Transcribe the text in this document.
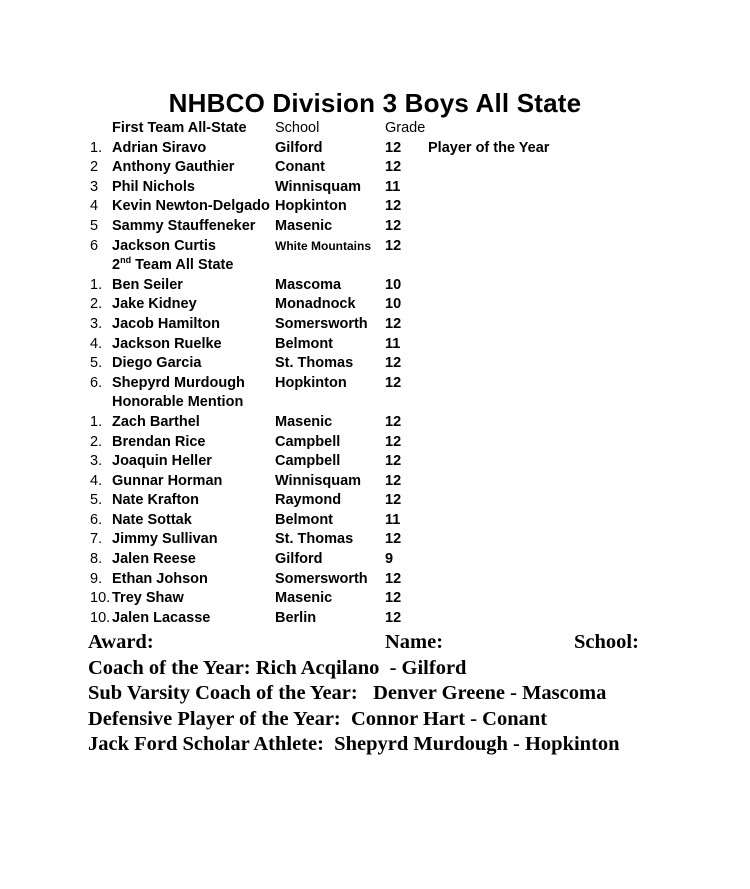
NHBCO Division 3 Boys All State
First Team All-State School	Grade
1. Adrian Siravo	Gilford	12 Player of the Year
2 Anthony Gauthier	Conant	12
3 Phil Nichols	Winnisquam 11
4 Kevin Newton-Delgado Hopkinton	12
5 Sammy Stauffeneker Masenic	12
6 Jackson Curtis	White Mountains 12
2nd Team All State
1. Ben Seiler	Mascoma	10
2. Jake Kidney	Monadnock 10
3. Jacob Hamilton	Somersworth 12
4. Jackson Ruelke	Belmont	11
5. Diego Garcia	St. Thomas 12
6. Shepyrd Murdough Hopkinton	12
Honorable Mention
1. Zach Barthel	Masenic	12
2. Brendan Rice	Campbell	12
3. Joaquin Heller	Campbell	12
4. Gunnar Horman	Winnisquam 12
5. Nate Krafton	Raymond	12
6. Nate Sottak	Belmont	11
7. Jimmy Sullivan	St. Thomas 12
8. Jalen Reese	Gilford	9
9. Ethan Johson	Somersworth 12
10. Trey Shaw	Masenic	12
10. Jalen Lacasse	Berlin	12
Award:	Name:	School:
Coach of the Year: Rich Acqilano  - Gilford
Sub Varsity Coach of the Year:   Denver Greene - Mascoma
Defensive Player of the Year:  Connor Hart - Conant
Jack Ford Scholar Athlete:  Shepyrd Murdough - Hopkinton
